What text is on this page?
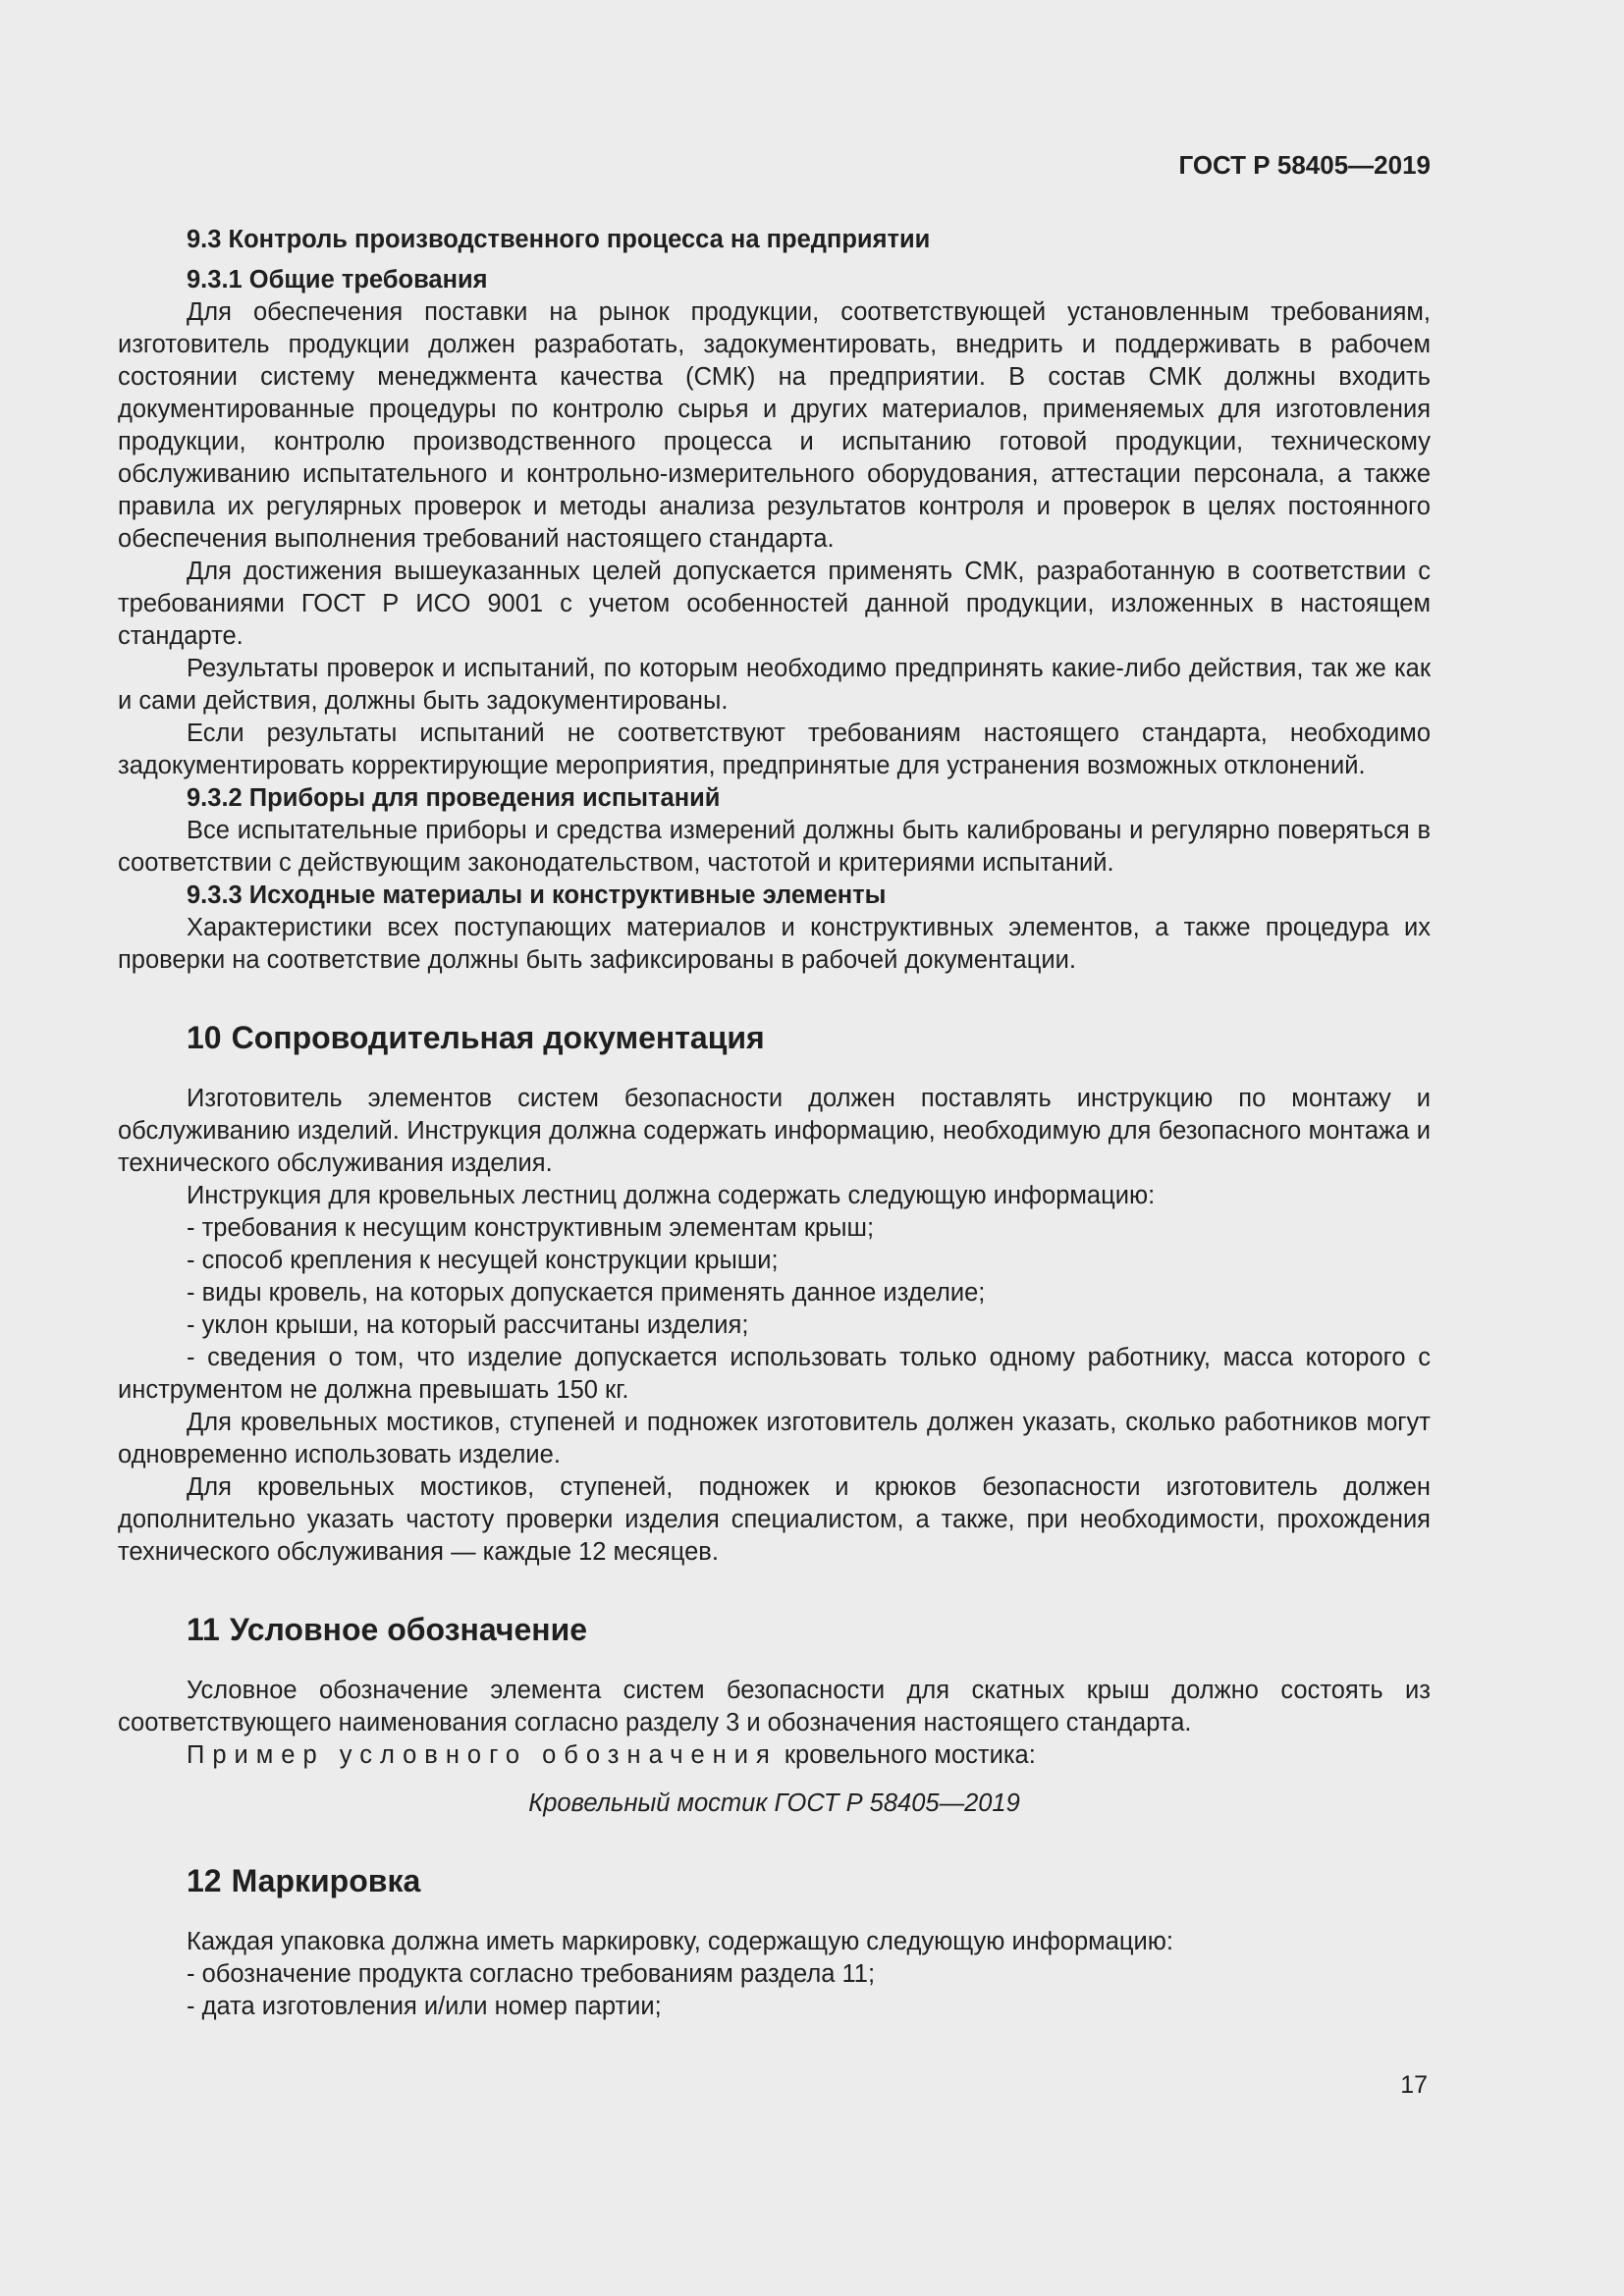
ГОСТ Р 58405—2019

9.3 Контроль производственного процесса на предприятии

9.3.1 Общие требования

Для обеспечения поставки на рынок продукции, соответствующей установленным требованиям, изготовитель продукции должен разработать, задокументировать, внедрить и поддерживать в рабочем состоянии систему менеджмента качества (СМК) на предприятии. В состав СМК должны входить документированные процедуры по контролю сырья и других материалов, применяемых для изготовления продукции, контролю производственного процесса и испытанию готовой продукции, техническому обслуживанию испытательного и контрольно-измерительного оборудования, аттестации персонала, а также правила их регулярных проверок и методы анализа результатов контроля и проверок в целях постоянного обеспечения выполнения требований настоящего стандарта.

Для достижения вышеуказанных целей допускается применять СМК, разработанную в соответствии с требованиями ГОСТ Р ИСО 9001 с учетом особенностей данной продукции, изложенных в настоящем стандарте.

Результаты проверок и испытаний, по которым необходимо предпринять какие-либо действия, так же как и сами действия, должны быть задокументированы.

Если результаты испытаний не соответствуют требованиям настоящего стандарта, необходимо задокументировать корректирующие мероприятия, предпринятые для устранения возможных отклонений.

9.3.2 Приборы для проведения испытаний

Все испытательные приборы и средства измерений должны быть калиброваны и регулярно поверяться в соответствии с действующим законодательством, частотой и критериями испытаний.

9.3.3 Исходные материалы и конструктивные элементы

Характеристики всех поступающих материалов и конструктивных элементов, а также процедура их проверки на соответствие должны быть зафиксированы в рабочей документации.

10 Сопроводительная документация

Изготовитель элементов систем безопасности должен поставлять инструкцию по монтажу и обслуживанию изделий. Инструкция должна содержать информацию, необходимую для безопасного монтажа и технического обслуживания изделия.

Инструкция для кровельных лестниц должна содержать следующую информацию:

- требования к несущим конструктивным элементам крыш;

- способ крепления к несущей конструкции крыши;

- виды кровель, на которых допускается применять данное изделие;

- уклон крыши, на который рассчитаны изделия;

- сведения о том, что изделие допускается использовать только одному работнику, масса которого с инструментом не должна превышать 150 кг.

Для кровельных мостиков, ступеней и подножек изготовитель должен указать, сколько работников могут одновременно использовать изделие.

Для кровельных мостиков, ступеней, подножек и крюков безопасности изготовитель должен дополнительно указать частоту проверки изделия специалистом, а также, при необходимости, прохождения технического обслуживания — каждые 12 месяцев.

11 Условное обозначение

Условное обозначение элемента систем безопасности для скатных крыш должно состоять из соответствующего наименования согласно разделу 3 и обозначения настоящего стандарта.

Пример условного обозначения кровельного мостика:

Кровельный мостик ГОСТ Р 58405—2019

12 Маркировка

Каждая упаковка должна иметь маркировку, содержащую следующую информацию:

- обозначение продукта согласно требованиям раздела 11;

- дата изготовления и/или номер партии;

17
